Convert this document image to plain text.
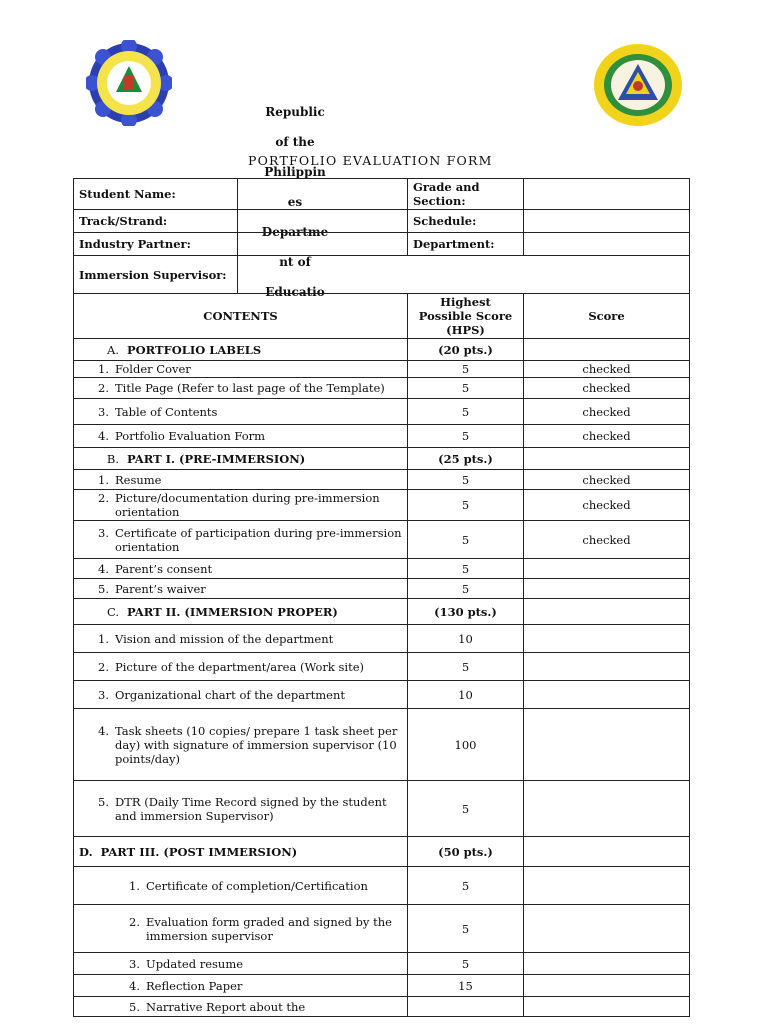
Republic

of the

Philippin

es

Departme

nt of

Educatio

PORTFOLIO EVALUATION FORM
Student Name:		Grade and Section:	
Track/Strand:		Schedule:	
Industry Partner:		Department:	
Immersion Supervisor:			
CONTENTS		Highest Possible Score (HPS)	Score
A. PORTFOLIO LABELS		(20 pts.)	

1. Folder Cover		5	checked

2. Title Page (Refer to last page of the Template)		5	checked

3. Table of Contents		5	checked

4. Portfolio Evaluation Form		5	checked
B. PART I. (PRE-IMMERSION)		(25 pts.)	

1. Resume		5	checked

2. Picture/documentation during pre-immersion orientation		5	checked

3. Certificate of participation during pre-immersion orientation		5	checked

4. Parent’s consent		5	

5. Parent’s waiver		5	
C. PART II. (IMMERSION PROPER)		(130 pts.)	

1. Vision and mission of the department		10	

2. Picture of the department/area (Work site)		5	

3. Organizational chart of the department		10	

4. Task sheets (10 copies/ prepare 1 task sheet per day) with signature of immersion supervisor (10 points/day)		100	

5. DTR (Daily Time Record signed by the student and immersion Supervisor)		5	
D. PART III. (POST IMMERSION)		(50 pts.)	

1. Certificate of completion/Certification		5	

2. Evaluation form graded and signed by the immersion supervisor		5	

3. Updated resume		5	

4. Reflection Paper		15	

5. Narrative Report about the			
